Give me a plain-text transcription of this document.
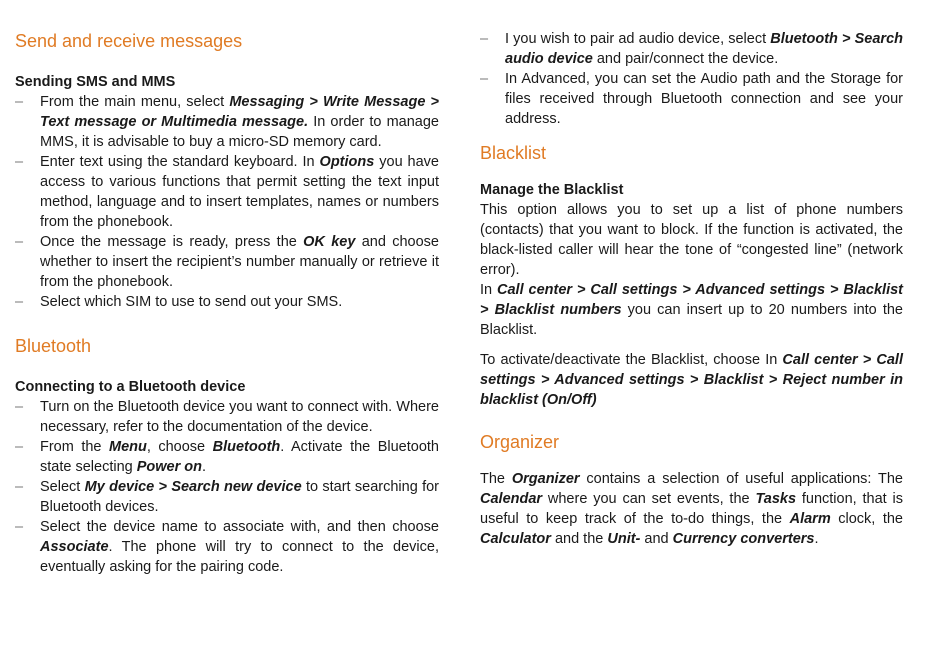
Send and receive messages
Sending SMS and MMS
– From the main menu, select Messaging > Write Message > Text message or Multimedia message. In order to manage MMS, it is advisable to buy a micro-SD memory card.
– Enter text using the standard keyboard. In Options you have access to various functions that permit setting the text input method, language and to insert templates, names or numbers from the phonebook.
– Once the message is ready, press the OK key and choose whether to insert the recipient’s number manually or retrieve it from the phonebook.
– Select which SIM to use to send out your SMS.
Bluetooth
Connecting to a Bluetooth device
– Turn on the Bluetooth device you want to connect with. Where necessary, refer to the documentation of the device.
– From the Menu, choose Bluetooth. Activate the Bluetooth state selecting Power on.
– Select My device > Search new device to start searching for Bluetooth devices.
– Select the device name to associate with, and then choose Associate. The phone will try to connect to the device, eventually asking for the pairing code.
– I you wish to pair ad audio device, select Bluetooth > Search audio device and pair/connect the device.
– In Advanced, you can set the Audio path and the Storage for files received through Bluetooth connection and see your address.
Blacklist
Manage the Blacklist

This option allows you to set up a list of phone numbers (contacts) that you want to block. If the function is activated, the black-listed caller will hear the tone of “congested line” (network error).

In Call center > Call settings > Advanced settings > Blacklist > Blacklist numbers you can insert up to 20 numbers into the Blacklist.

To activate/deactivate the Blacklist, choose In Call center > Call settings > Advanced settings > Blacklist > Reject number in blacklist (On/Off)

Organizer

The Organizer contains a selection of useful applications: The Calendar where you can set events, the Tasks function, that is useful to keep track of the to-do things, the Alarm clock, the Calculator and the Unit- and Currency converters.
